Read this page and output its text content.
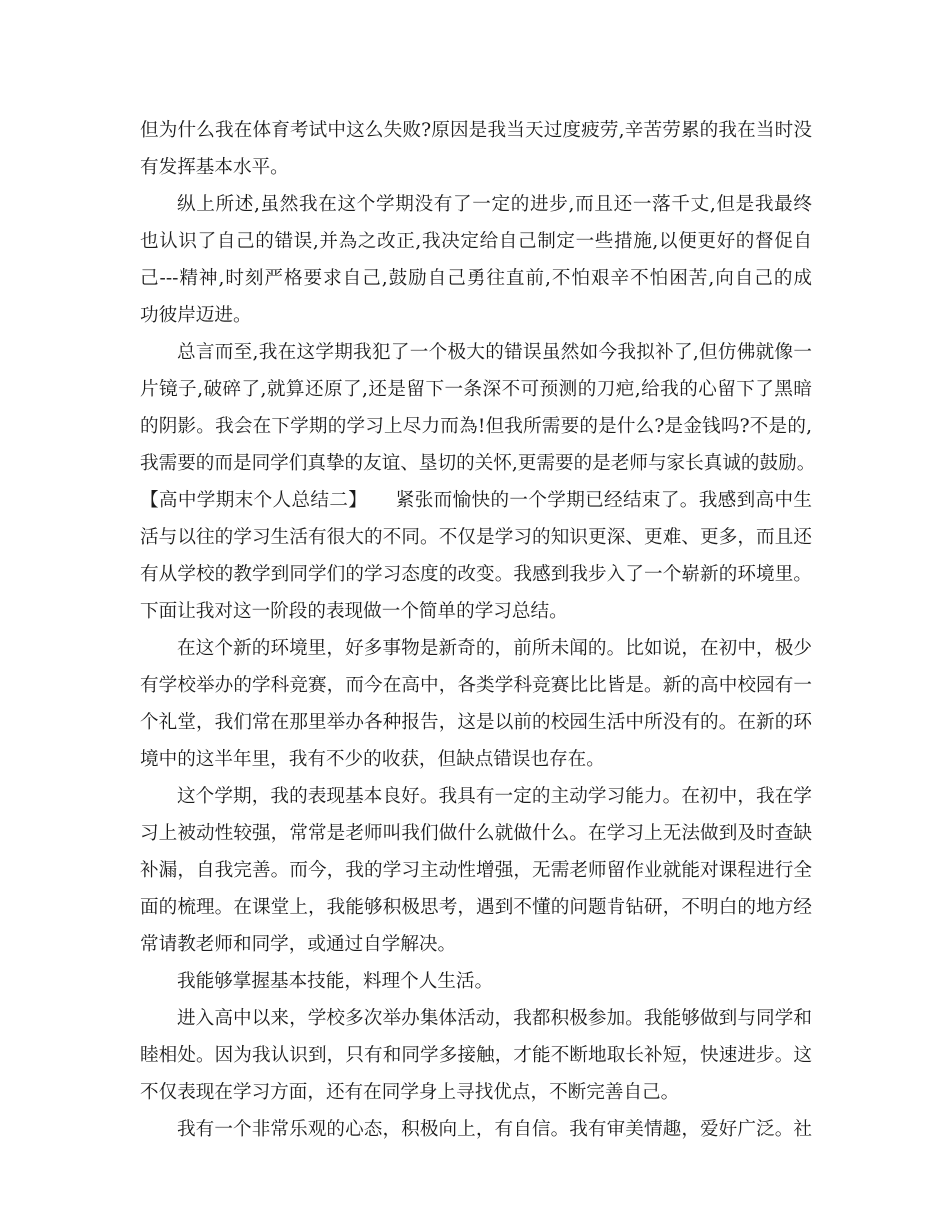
但为什么我在体育考试中这么失败?原因是我当天过度疲劳,辛苦劳累的我在当时没
有发挥基本水平。
纵上所述,虽然我在这个学期没有了一定的进步,而且还一落千丈,但是我最终
也认识了自己的错误,并為之改正,我决定给自己制定一些措施,以便更好的督促自
己---精神,时刻严格要求自己,鼓励自己勇往直前,不怕艰辛不怕困苦,向自己的成
功彼岸迈进。
总言而至,我在这学期我犯了一个极大的错误虽然如今我拟补了,但仿佛就像一
片镜子,破碎了,就算还原了,还是留下一条深不可预测的刀疤,给我的心留下了黑暗
的阴影。我会在下学期的学习上尽力而為!但我所需要的是什么?是金钱吗?不是的,
我需要的而是同学们真挚的友谊、垦切的关怀,更需要的是老师与家长真诚的鼓励。
【高中学期末个人总结二】　　紧张而愉快的一个学期已经结束了。我感到高中生
活与以往的学习生活有很大的不同。不仅是学习的知识更深、更难、更多，而且还
有从学校的教学到同学们的学习态度的改变。我感到我步入了一个崭新的环境里。
下面让我对这一阶段的表现做一个简单的学习总结。
在这个新的环境里，好多事物是新奇的，前所未闻的。比如说，在初中，极少
有学校举办的学科竞赛，而今在高中，各类学科竞赛比比皆是。新的高中校园有一
个礼堂，我们常在那里举办各种报告，这是以前的校园生活中所没有的。在新的环
境中的这半年里，我有不少的收获，但缺点错误也存在。
这个学期，我的表现基本良好。我具有一定的主动学习能力。在初中，我在学
习上被动性较强，常常是老师叫我们做什么就做什么。在学习上无法做到及时查缺
补漏，自我完善。而今，我的学习主动性增强，无需老师留作业就能对课程进行全
面的梳理。在课堂上，我能够积极思考，遇到不懂的问题肯钻研，不明白的地方经
常请教老师和同学，或通过自学解决。
我能够掌握基本技能，料理个人生活。
进入高中以来，学校多次举办集体活动，我都积极参加。我能够做到与同学和
睦相处。因为我认识到，只有和同学多接触，才能不断地取长补短，快速进步。这
不仅表现在学习方面，还有在同学身上寻找优点，不断完善自己。
我有一个非常乐观的心态，积极向上，有自信。我有审美情趣，爱好广泛。社
